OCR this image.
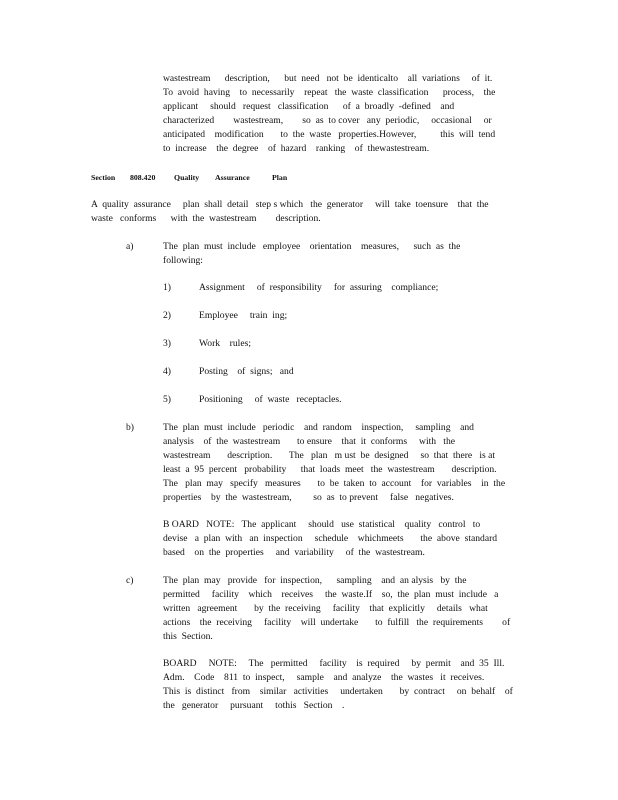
wastestream      description,      but  need   not  be  identicalto    all  variations     of  it.
To  avoid  having    to  necessarily    repeat   the  waste  classification      process,    the
applicant     should   request   classification      of  a  broadly  -defined    and
characterized        wastestream,        so  as  to cover   any  periodic,     occasional     or
anticipated    modification       to  the  waste   properties.However,          this  will  tend
to  increase    the  degree    of  hazard    ranking    of  thewastestream.
Section 808.420 Quality Assurance	Plan
A  quality  assurance     plan  shall  detail   step s which   the  generator     will  take  toensure    that  the
waste   conforms      with  the  wastestream        description.
a)	The  plan  must  include   employee    orientation    measures,      such  as  the
following:
1)	Assignment     of  responsibility     for  assuring    compliance;
2)	Employee     train  ing;
3)	Work    rules;
4)	Posting    of  signs;   and
5)	Positioning     of  waste   receptacles.
b)	The  plan  must  include   periodic    and  random    inspection,     sampling    and
analysis    of  the  wastestream       to ensure    that  it  conforms     with   the
wastestream       description.       The   plan   m ust  be  designed     so  that  there   is at
least  a  95  percent   probability      that  loads  meet   the  wastestream       description.
The   plan  may   specify   measures       to  be  taken  to  account    for  variables    in  the
properties    by  the  wastestream,         so  as  to prevent     false   negatives.
B OARD   NOTE:   The  applicant     should   use  statistical    quality   control   to
devise   a  plan  with   an  inspection     schedule    whichmeets       the  above  standard
based    on  the  properties     and  variability     of  the  wastestream.
c)	The  plan  may   provide   for  inspection,      sampling    and  an alysis   by  the
permitted     facility    which    receives     the  waste.If    so,  the  plan  must  include   a
written   agreement       by  the  receiving     facility    that  explicitly     details   what
actions    the  receiving     facility    will  undertake       to  fulfill   the  requirements        of
this  Section.
BOARD     NOTE:     The   permitted     facility    is  required     by  permit    and  35  Ill.
Adm.    Code    811  to  inspect,     sample    and  analyze    the  wastes   it  receives.
This  is  distinct   from    similar   activities     undertaken       by  contract     on  behalf    of
the   generator     pursuant     tothis   Section    .
